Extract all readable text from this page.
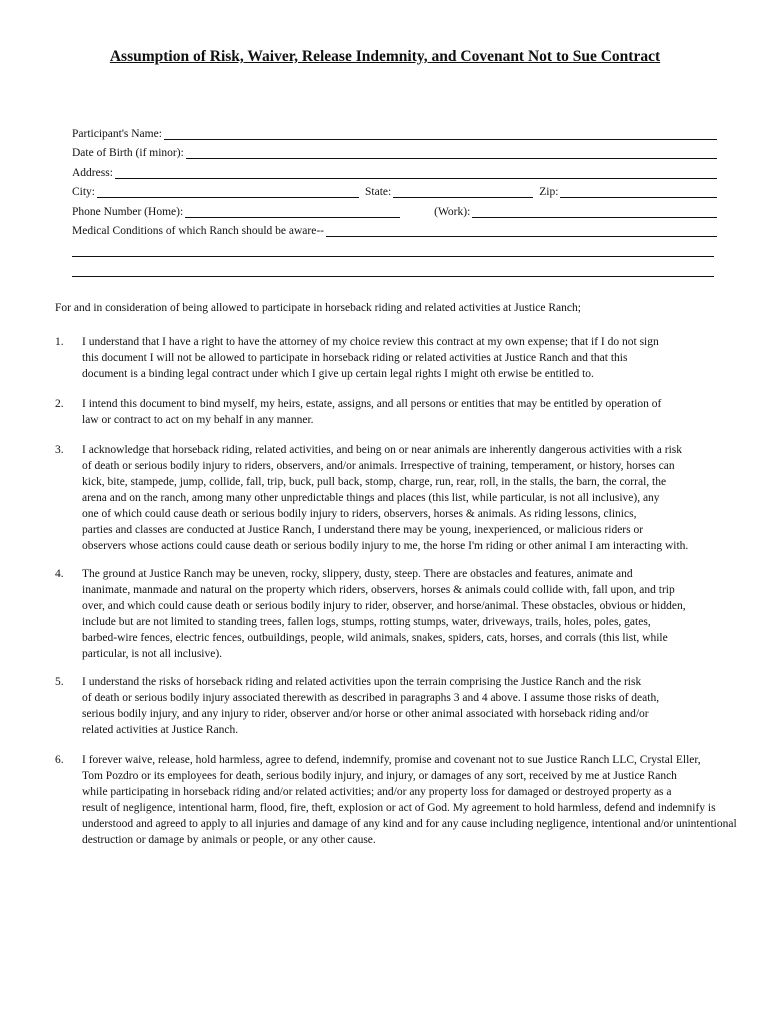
Assumption of Risk, Waiver, Release Indemnity, and Covenant Not to Sue Contract
Participant's Name:
Date of Birth (if minor):
Address:
City:	State:	Zip:
Phone Number (Home):	(Work):
Medical Conditions of which Ranch should be aware--
For and in consideration of being allowed to participate in horseback riding and related activities at Justice Ranch;
1. I understand that I have a right to have the attorney of my choice review this contract at my own expense; that if I do not sign
this document I will not be allowed to participate in horseback riding or related activities at Justice Ranch and that this
document is a binding legal contract under which I give up certain legal rights I might oth erwise be entitled to.
2. I intend this document to bind myself, my heirs, estate, assigns, and all persons or entities that may be entitled by operation of
law or contract to act on my behalf in any manner.
3. I acknowledge that horseback riding, related activities, and being on or near animals are inherently dangerous activities with a risk
of death or serious bodily injury to riders, observers, and/or animals. Irrespective of training, temperament, or history, horses can
kick, bite, stampede, jump, collide, fall, trip, buck, pull back, stomp, charge, run, rear, roll, in the stalls, the barn, the corral, the
arena and on the ranch, among many other unpredictable things and places (this list, while particular, is not all inclusive), any
one of which could cause death or serious bodily injury to riders, observers, horses & animals. As riding lessons, clinics,
parties and classes are conducted at Justice Ranch, I understand there may be young, inexperienced, or malicious riders or
observers whose actions could cause death or serious bodily injury to me, the horse I'm riding or other animal I am interacting with.
4. The ground at Justice Ranch may be uneven, rocky, slippery, dusty, steep. There are obstacles and features, animate and
inanimate, manmade and natural on the property which riders, observers, horses & animals could collide with, fall upon, and trip
over, and which could cause death or serious bodily injury to rider, observer, and horse/animal. These obstacles, obvious or hidden,
include but are not limited to standing trees, fallen logs, stumps, rotting stumps, water, driveways, trails, holes, poles, gates,
barbed-wire fences, electric fences, outbuildings, people, wild animals, snakes, spiders, cats, horses, and corrals (this list, while
particular, is not all inclusive).
5. I understand the risks of horseback riding and related activities upon the terrain comprising the Justice Ranch and the risk
of death or serious bodily injury associated therewith as described in paragraphs 3 and 4 above. I assume those risks of death,
serious bodily injury, and any injury to rider, observer and/or horse or other animal associated with horseback riding and/or
related activities at Justice Ranch.
6. I forever waive, release, hold harmless, agree to defend, indemnify, promise and covenant not to sue Justice Ranch LLC, Crystal Eller,
Tom Pozdro or its employees for death, serious bodily injury, and injury, or damages of any sort, received by me at Justice Ranch
while participating in horseback riding and/or related activities; and/or any property loss for damaged or destroyed property as a
result of negligence, intentional harm, flood, fire, theft, explosion or act of God. My agreement to hold harmless, defend and indemnify is
understood and agreed to apply to all injuries and damage of any kind and for any cause including negligence, intentional and/or unintentional
destruction or damage by animals or people, or any other cause.
